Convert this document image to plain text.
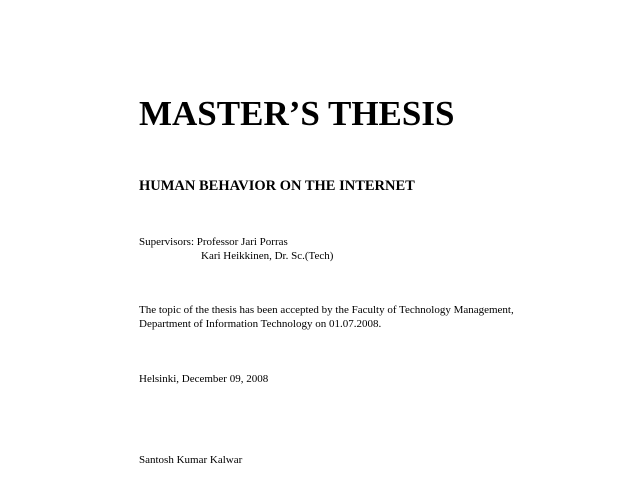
MASTER’S THESIS
HUMAN BEHAVIOR ON THE INTERNET
Supervisors: Professor Jari Porras
Kari Heikkinen, Dr. Sc.(Tech)
The topic of the thesis has been accepted by the Faculty of Technology Management,
Department of Information Technology on 01.07.2008.
Helsinki, December 09, 2008
Santosh Kumar Kalwar
